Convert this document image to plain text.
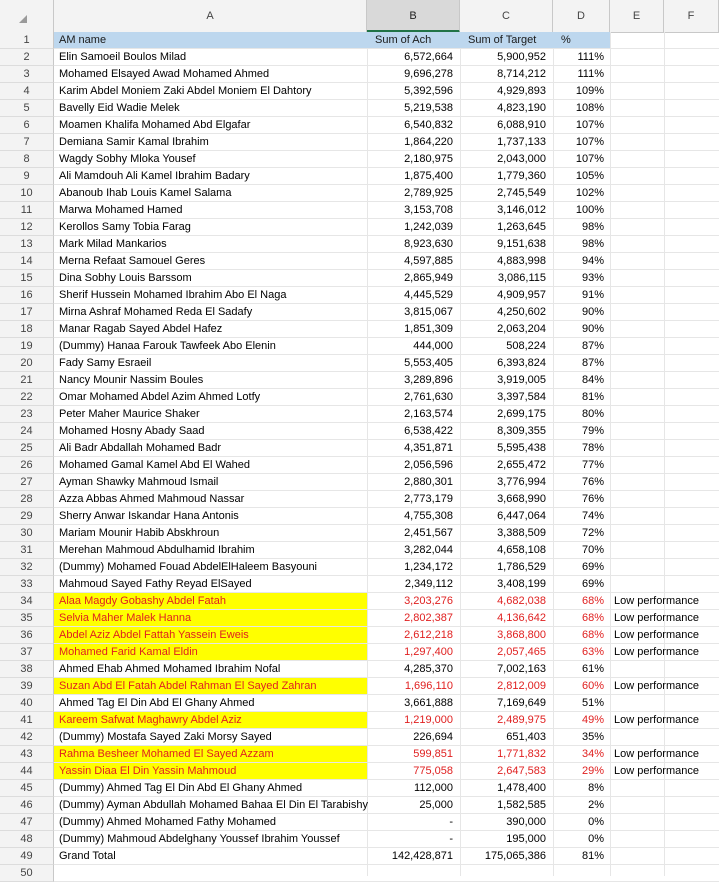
A	B	C	D	E	F
1	AM name	Sum of Ach	Sum of Target	%
2	Elin Samoeil Boulos Milad	6,572,664	5,900,952	111%
3	Mohamed Elsayed Awad Mohamed Ahmed	9,696,278	8,714,212	111%
4	Karim Abdel Moniem Zaki Abdel Moniem El Dahtory	5,392,596	4,929,893	109%
5	Bavelly Eid Wadie Melek	5,219,538	4,823,190	108%
6	Moamen Khalifa Mohamed Abd Elgafar	6,540,832	6,088,910	107%
7	Demiana Samir Kamal Ibrahim	1,864,220	1,737,133	107%
8	Wagdy Sobhy Mloka Yousef	2,180,975	2,043,000	107%
9	Ali Mamdouh Ali Kamel Ibrahim Badary	1,875,400	1,779,360	105%
10	Abanoub Ihab Louis Kamel Salama	2,789,925	2,745,549	102%
11	Marwa Mohamed Hamed	3,153,708	3,146,012	100%
12	Kerollos Samy Tobia Farag	1,242,039	1,263,645	98%
13	Mark Milad Mankarios	8,923,630	9,151,638	98%
14	Merna Refaat Samouel Geres	4,597,885	4,883,998	94%
15	Dina Sobhy Louis Barssom	2,865,949	3,086,115	93%
16	Sherif Hussein Mohamed Ibrahim Abo El Naga	4,445,529	4,909,957	91%
17	Mirna Ashraf Mohamed Reda El Sadafy	3,815,067	4,250,602	90%
18	Manar Ragab Sayed Abdel Hafez	1,851,309	2,063,204	90%
19	(Dummy) Hanaa Farouk Tawfeek Abo Elenin	444,000	508,224	87%
20	Fady Samy Esraeil	5,553,405	6,393,824	87%
21	Nancy Mounir Nassim Boules	3,289,896	3,919,005	84%
22	Omar Mohamed Abdel Azim Ahmed Lotfy	2,761,630	3,397,584	81%
23	Peter Maher Maurice Shaker	2,163,574	2,699,175	80%
24	Mohamed Hosny Abady Saad	6,538,422	8,309,355	79%
25	Ali Badr Abdallah Mohamed Badr	4,351,871	5,595,438	78%
26	Mohamed Gamal Kamel Abd El Wahed	2,056,596	2,655,472	77%
27	Ayman Shawky Mahmoud Ismail	2,880,301	3,776,994	76%
28	Azza Abbas Ahmed Mahmoud Nassar	2,773,179	3,668,990	76%
29	Sherry Anwar Iskandar Hana Antonis	4,755,308	6,447,064	74%
30	Mariam Mounir Habib Abskhroun	2,451,567	3,388,509	72%
31	Merehan Mahmoud Abdulhamid Ibrahim	3,282,044	4,658,108	70%
32	(Dummy) Mohamed Fouad AbdelElHaleem Basyouni	1,234,172	1,786,529	69%
33	Mahmoud Sayed Fathy Reyad ElSayed	2,349,112	3,408,199	69%
34	Alaa Magdy Gobashy Abdel Fatah	3,203,276	4,682,038	68% Low performance
35	Selvia Maher Malek Hanna	2,802,387	4,136,642	68% Low performance
36	Abdel Aziz Abdel Fattah Yassein Eweis	2,612,218	3,868,800	68% Low performance
37	Mohamed Farid Kamal Eldin	1,297,400	2,057,465	63% Low performance
38	Ahmed Ehab Ahmed Mohamed Ibrahim Nofal	4,285,370	7,002,163	61%
39	Suzan Abd El Fatah Abdel Rahman El Sayed Zahran	1,696,110	2,812,009	60% Low performance
40	Ahmed Tag El Din Abd El Ghany Ahmed	3,661,888	7,169,649	51%
41	Kareem Safwat Maghawry Abdel Aziz	1,219,000	2,489,975	49% Low performance
42	(Dummy) Mostafa Sayed Zaki Morsy Sayed	226,694	651,403	35%
43	Rahma Besheer Mohamed El Sayed Azzam	599,851	1,771,832	34% Low performance
44	Yassin Diaa El Din Yassin Mahmoud	775,058	2,647,583	29% Low performance
45	(Dummy) Ahmed Tag El Din Abd El Ghany Ahmed	112,000	1,478,400	8%
46	(Dummy) Ayman Abdullah Mohamed Bahaa El Din El Tarabishy	25,000	1,582,585	2%
47	(Dummy) Ahmed Mohamed Fathy Mohamed	-	390,000	0%
48	(Dummy) Mahmoud Abdelghany Youssef Ibrahim Youssef	-	195,000	0%
49	Grand Total	142,428,871	175,065,386	81%
50
